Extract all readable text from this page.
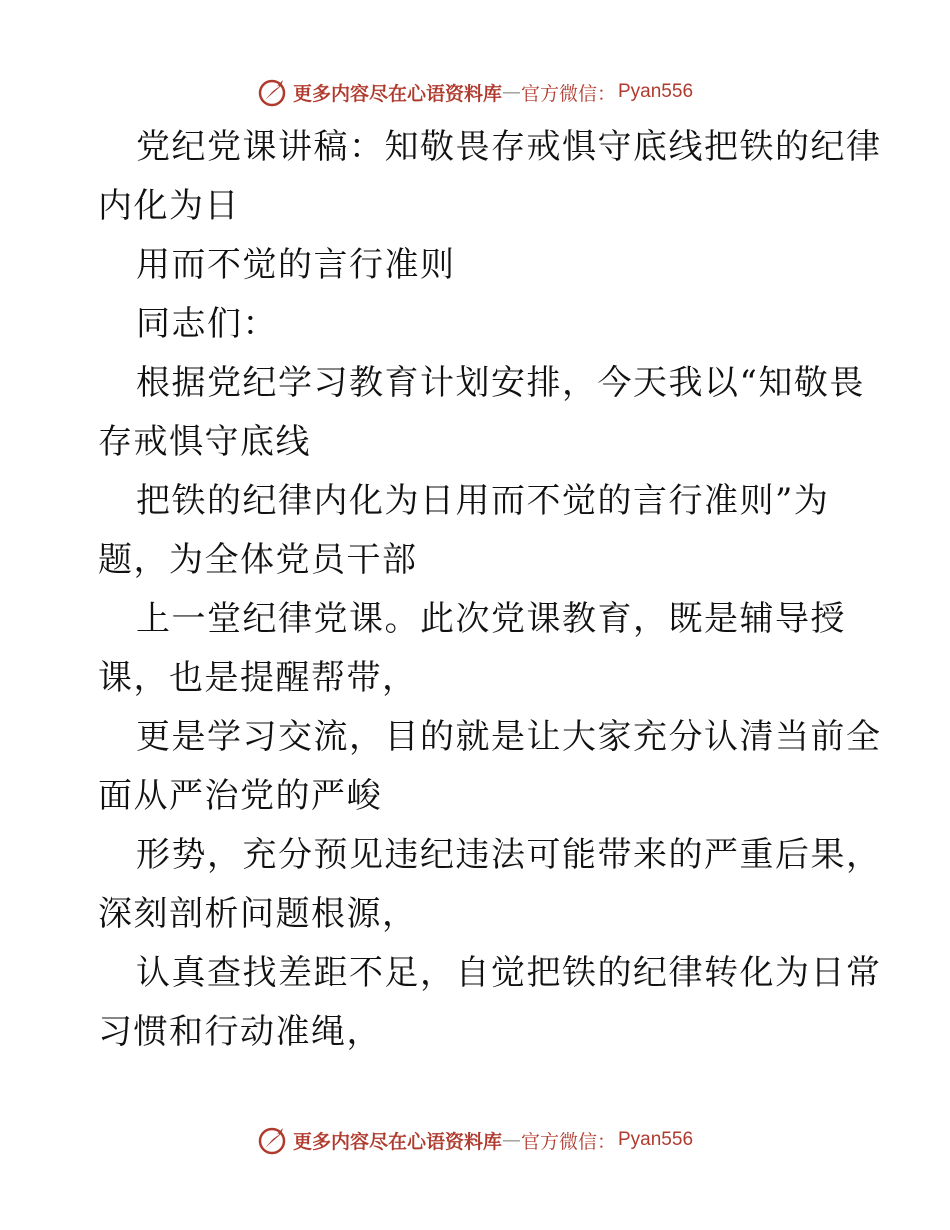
更多内容尽在心语资料库 — 官方微信： Pyan556
党纪党课讲稿：知敬畏存戒惧守底线把铁的纪律
内化为日
用而不觉的言行准则
同志们：
根据党纪学习教育计划安排，今天我以“知敬畏
存戒惧守底线
把铁的纪律内化为日用而不觉的言行准则”为
题，为全体党员干部
上一堂纪律党课。此次党课教育，既是辅导授
课，也是提醒帮带，
更是学习交流，目的就是让大家充分认清当前全
面从严治党的严峻
形势，充分预见违纪违法可能带来的严重后果，
深刻剖析问题根源，
认真查找差距不足，自觉把铁的纪律转化为日常
习惯和行动准绳，
更多内容尽在心语资料库 — 官方微信： Pyan556
